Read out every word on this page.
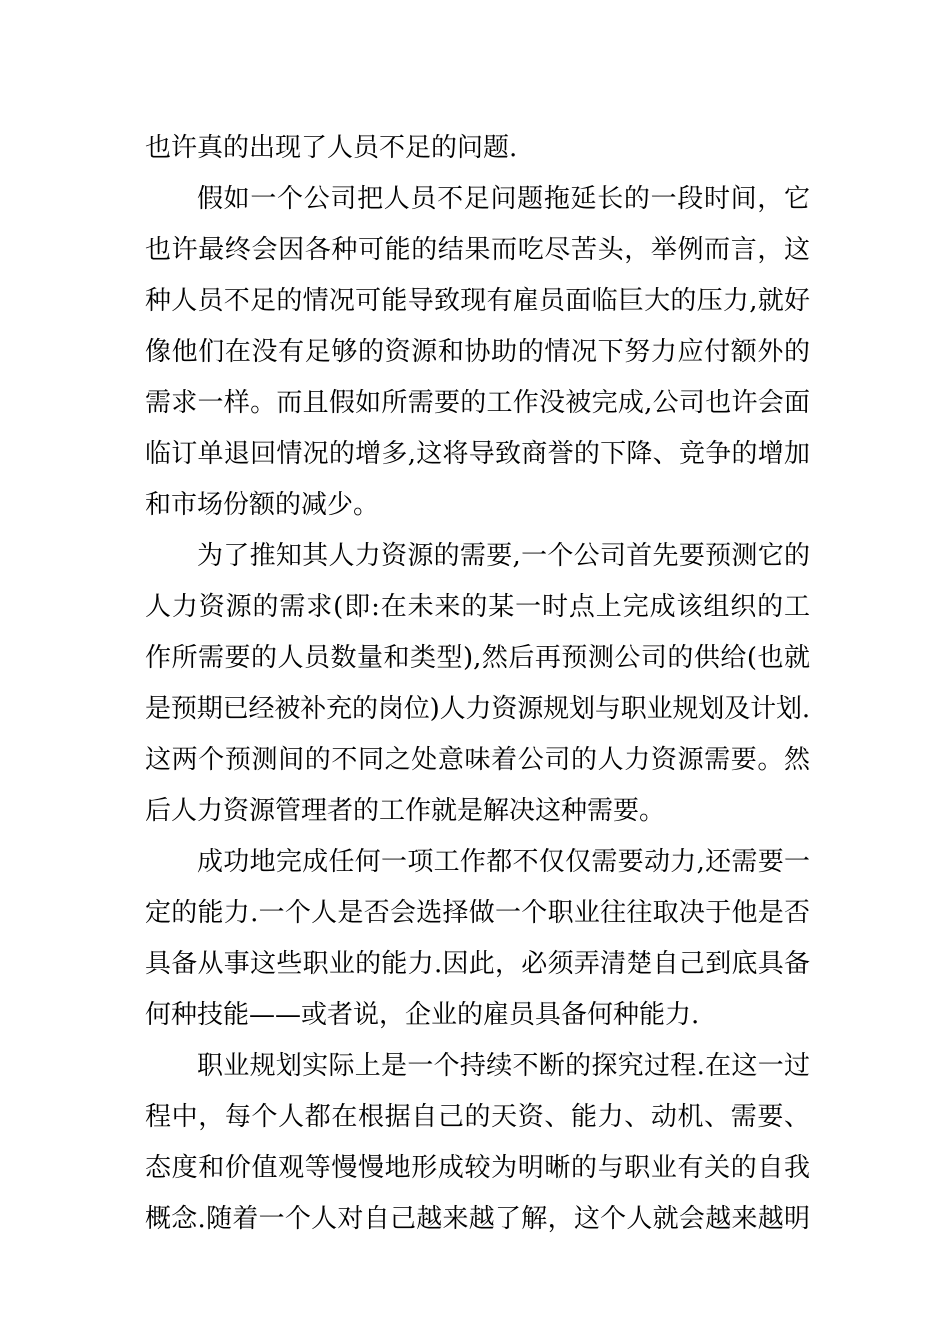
也许真的出现了人员不足的问题.
假如一个公司把人员不足问题拖延长的一段时间，它
也许最终会因各种可能的结果而吃尽苦头，举例而言，这
种人员不足的情况可能导致现有雇员面临巨大的压力,就好
像他们在没有足够的资源和协助的情况下努力应付额外的
需求一样。而且假如所需要的工作没被完成,公司也许会面
临订单退回情况的增多,这将导致商誉的下降、竞争的增加
和市场份额的减少。
为了推知其人力资源的需要,一个公司首先要预测它的
人力资源的需求(即:在未来的某一时点上完成该组织的工
作所需要的人员数量和类型),然后再预测公司的供给(也就
是预期已经被补充的岗位)人力资源规划与职业规划及计划.
这两个预测间的不同之处意味着公司的人力资源需要。然
后人力资源管理者的工作就是解决这种需要。
成功地完成任何一项工作都不仅仅需要动力,还需要一
定的能力.一个人是否会选择做一个职业往往取决于他是否
具备从事这些职业的能力.因此，必须弄清楚自己到底具备
何种技能——或者说，企业的雇员具备何种能力.
职业规划实际上是一个持续不断的探究过程.在这一过
程中，每个人都在根据自己的天资、能力、动机、需要、
态度和价值观等慢慢地形成较为明晰的与职业有关的自我
概念.随着一个人对自己越来越了解，这个人就会越来越明
